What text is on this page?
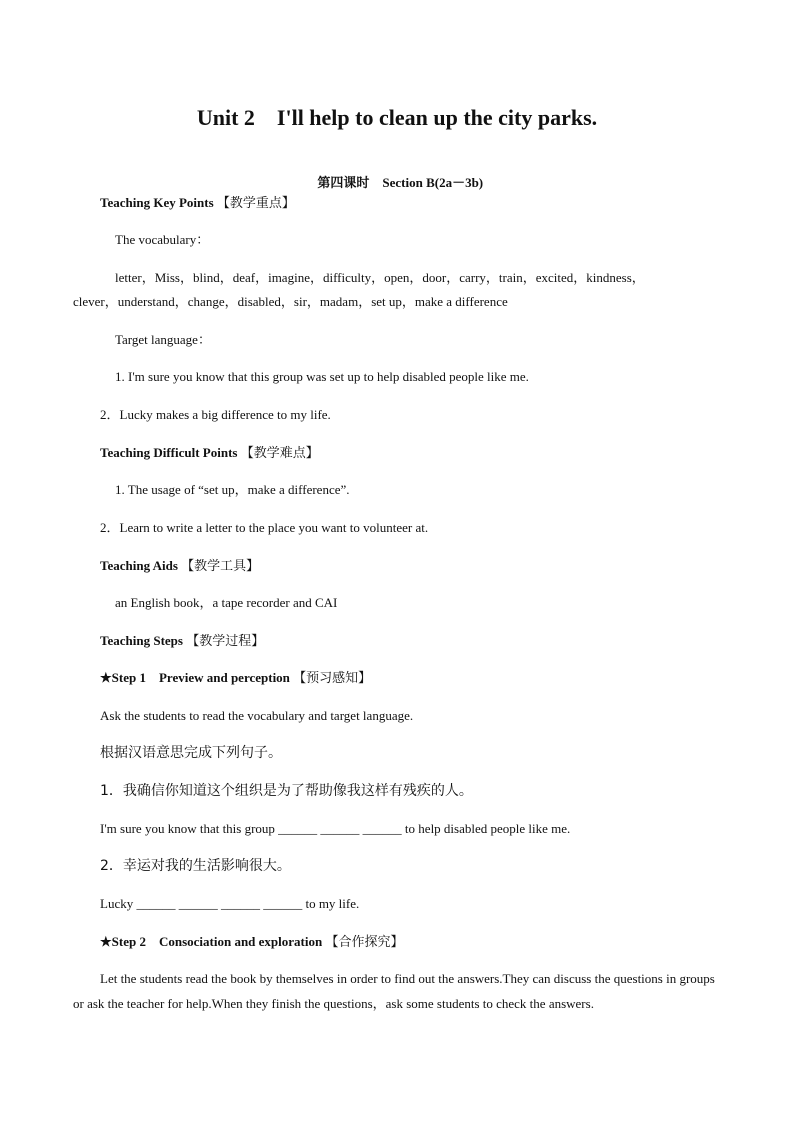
Unit 2    I'll help to clean up the city parks.

第四课时 Section B(2a－3b)

Teaching Key Points 【教学重点】
The vocabulary：
letter，Miss，blind，deaf，imagine，difficulty，open，door，carry，train，excited，kindness，
clever，understand，change，disabled，sir，madam，set up，make a difference
Target language：
1. I'm sure you know that this group was set up to help disabled people like me.
2．Lucky makes a big difference to my life.
Teaching Difficult Points 【教学难点】
1. The usage of “set up，make a difference”.
2．Learn to write a letter to the place you want to volunteer at.
Teaching Aids 【教学工具】
an English book，a tape recorder and CAI
Teaching Steps 【教学过程】
★Step 1    Preview and perception 【预习感知】
Ask the students to read the vocabulary and target language.
根据汉语意思完成下列句子。
1．我确信你知道这个组织是为了帮助像我这样有残疾的人。
I'm sure you know that this group ______ ______ ______ to help disabled people like me.
2．幸运对我的生活影响很大。
Lucky ______ ______ ______ ______ to my life.
★Step 2    Consociation and exploration 【合作探究】
Let the students read the book by themselves in order to find out the answers.They can discuss the questions in groups or ask the teacher for help.When they finish the questions，ask some students to check the answers.
